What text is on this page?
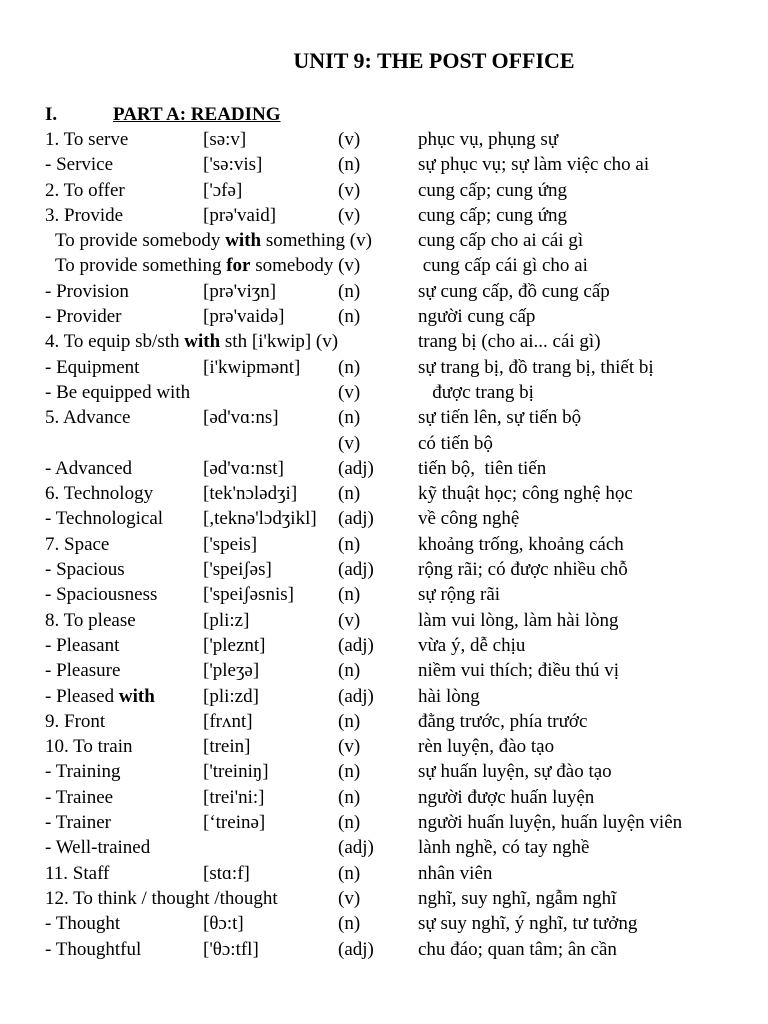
UNIT 9: THE POST OFFICE
I.	PART A: READING
1. To serve	[sə:v]	(v)	phục vụ, phụng sự
- Service	['sə:vis]	(n)	sự phục vụ; sự làm việc cho ai
2. To offer	['ɔfə]	(v)	cung cấp; cung ứng
3. Provide	[prə'vaid]	(v)	cung cấp; cung ứng
To provide somebody with something (v) cung cấp cho ai cái gì
To provide something for somebody (v)	cung cấp cái gì cho ai
- Provision	[prə'viʒn]	(n)	sự cung cấp, đồ cung cấp
- Provider	[prə'vaidə]	(n)	người cung cấp
4. To equip sb/sth with sth [i'kwip] (v)	trang bị (cho ai... cái gì)
- Equipment	[i'kwipmənt] (n)	sự trang bị, đồ trang bị, thiết bị
- Be equipped with	(v)	được trang bị
5. Advance	[əd'vɑ:ns]	(n)	sự tiến lên, sự tiến bộ
(v)	có tiến bộ
- Advanced	[əd'vɑ:nst]	(adj) tiến bộ,  tiên tiến
6. Technology	[tek'nɔlədʒi] (n)	kỹ thuật học; công nghệ học
- Technological [,teknə'lɔdʒikl] (adj) về công nghệ
7. Space	['speis]	(n)	khoảng trống, khoảng cách
- Spacious	['speiʃəs]	(adj) rộng rãi; có được nhiều chỗ
- Spaciousness ['speiʃəsnis] (n)	sự rộng rãi
8. To please	[pli:z]	(v)	làm vui lòng, làm hài lòng
- Pleasant	['pleznt]	(adj) vừa ý, dễ chịu
- Pleasure	['pleʒə]	(n)	niềm vui thích; điều thú vị
- Pleased with	[pli:zd]	(adj) hài lòng
9. Front	[frʌnt]	(n)	đằng trước, phía trước
10. To train	[trein]	(v)	rèn luyện, đào tạo
- Training	['treiniŋ]	(n)	sự huấn luyện, sự đào tạo
- Trainee	[trei'ni:]	(n)	người được huấn luyện
- Trainer	[‘treinə]	(n)	người huấn luyện, huấn luyện viên
- Well-trained	(adj) lành nghề, có tay nghề
11. Staff	[stɑ:f]	(n)	nhân viên
12. To think / thought /thought	(v)	nghĩ, suy nghĩ, ngẫm nghĩ
- Thought	[θɔ:t]	(n)	sự suy nghĩ, ý nghĩ, tư tưởng
- Thoughtful	['θɔ:tfl]	(adj) chu đáo; quan tâm; ân cần
